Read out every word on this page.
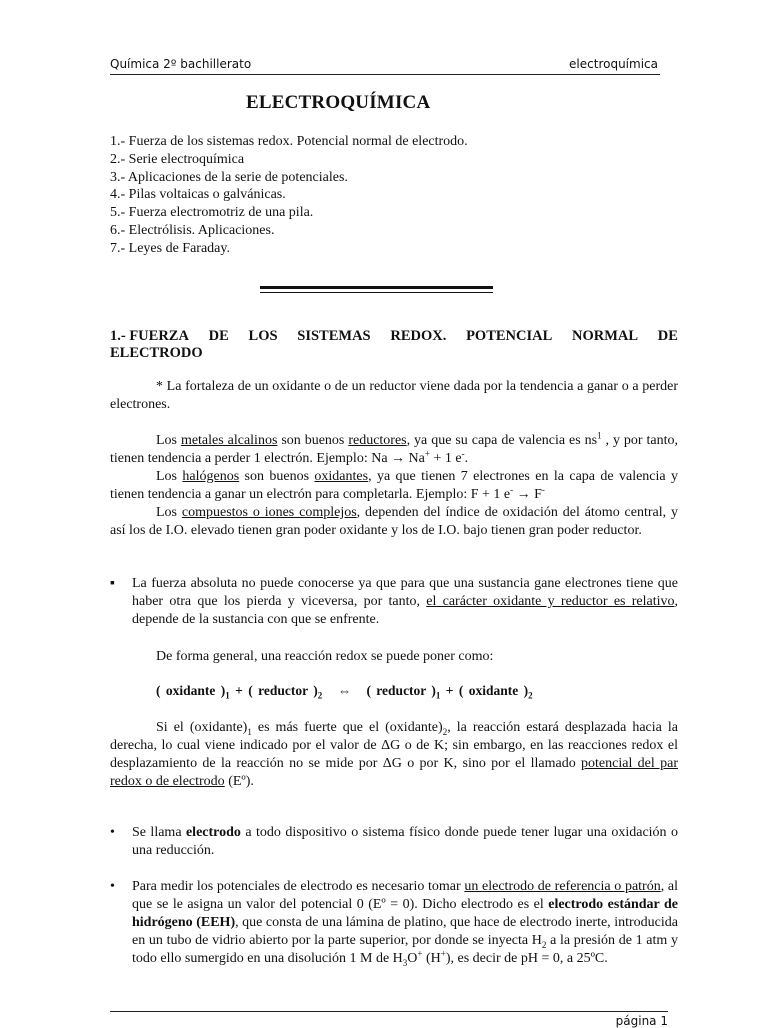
Química 2º bachillerato	electroquímica
ELECTROQUÍMICA
1.- Fuerza de los sistemas redox. Potencial normal de electrodo.
2.- Serie electroquímica
3.- Aplicaciones de la serie de potenciales.
4.- Pilas voltaicas o galvánicas.
5.- Fuerza electromotriz de una pila.
6.- Electrólisis. Aplicaciones.
7.- Leyes de Faraday.
1.- FUERZA DE LOS SISTEMAS REDOX. POTENCIAL NORMAL DE
ELECTRODO

* La fortaleza de un oxidante o de un reductor viene dada por la tendencia a ganar o a perder electrones.

Los metales alcalinos son buenos reductores, ya que su capa de valencia es $ns^1$ , y por tanto, tienen tendencia a perder 1 electrón. Ejemplo: Na → Na+ + 1 e-.

Los halógenos son buenos oxidantes, ya que tienen 7 electrones en la capa de valencia y tienen tendencia a ganar un electrón para completarla. Ejemplo: F + 1 e- → F-

Los compuestos o iones complejos, dependen del índice de oxidación del átomo central, y así los de I.O. elevado tienen gran poder oxidante y los de I.O. bajo tienen gran poder reductor.

▪ La fuerza absoluta no puede conocerse ya que para que una sustancia gane electrones tiene que haber otra que los pierda y viceversa, por tanto, el carácter oxidante y reductor es relativo, depende de la sustancia con que se enfrente.

De forma general, una reacción redox se puede poner como:

( oxidante )$_1$ + ( reductor )$_2$ ⇔ ( reductor )$_1$ + ( oxidante )$_2$

Si el $(oxidante)_1$ es más fuerte que el $(oxidante)_2$, la reacción estará desplazada hacia la derecha, lo cual viene indicado por el valor de ΔG o de K; sin embargo, en las reacciones redox el desplazamiento de la reacción no se mide por ΔG o por K, sino por el llamado potencial del par redox o de electrodo (Eº).

• Se llama electrodo a todo dispositivo o sistema físico donde puede tener lugar una oxidación o una reducción.
• Para medir los potenciales de electrodo es necesario tomar un electrodo de referencia o patrón, al que se le asigna un valor del potencial 0 (Eº = 0). Dicho electrodo es el electrodo estándar de hidrógeno (EEH), que consta de una lámina de platino, que hace de electrodo inerte, introducida en un tubo de vidrio abierto por la parte superior, por donde se inyecta $H_2$ a la presión de 1 atm y todo ello sumergido en una disolución 1 M de $H_3O^+$ (H+), es decir de pH = 0, a 25ºC.
página 1
